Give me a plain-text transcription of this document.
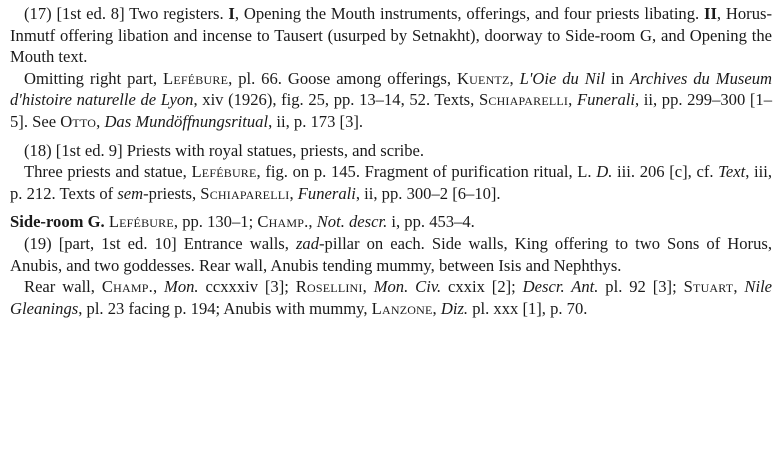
(17) [1st ed. 8] Two registers. I, Opening the Mouth instruments, offerings, and four priests libating. II, Horus-Inmutf offering libation and incense to Tausert (usurped by Setnakht), doorway to Side-room G, and Opening the Mouth text.

Omitting right part, Lefébure, pl. 66. Goose among offerings, Kuentz, L'Oie du Nil in Archives du Museum d'histoire naturelle de Lyon, xiv (1926), fig. 25, pp. 13–14, 52. Texts, Schiaparelli, Funerali, ii, pp. 299–300 [1–5]. See Otto, Das Mundöffnungsritual, ii, p. 173 [3].

(18) [1st ed. 9] Priests with royal statues, priests, and scribe.

Three priests and statue, Lefébure, fig. on p. 145. Fragment of purification ritual, L. D. iii. 206 [c], cf. Text, iii, p. 212. Texts of sem-priests, Schiaparelli, Funerali, ii, pp. 300–2 [6–10].

Side-room G. Lefébure, pp. 130–1; Champ., Not. descr. i, pp. 453–4.

(19) [part, 1st ed. 10] Entrance walls, zad-pillar on each. Side walls, King offering to two Sons of Horus, Anubis, and two goddesses. Rear wall, Anubis tending mummy, between Isis and Nephthys.

Rear wall, Champ., Mon. ccxxxiv [3]; Rosellini, Mon. Civ. cxxix [2]; Descr. Ant. pl. 92 [3]; Stuart, Nile Gleanings, pl. 23 facing p. 194; Anubis with mummy, Lanzone, Diz. pl. xxx [1], p. 70.
